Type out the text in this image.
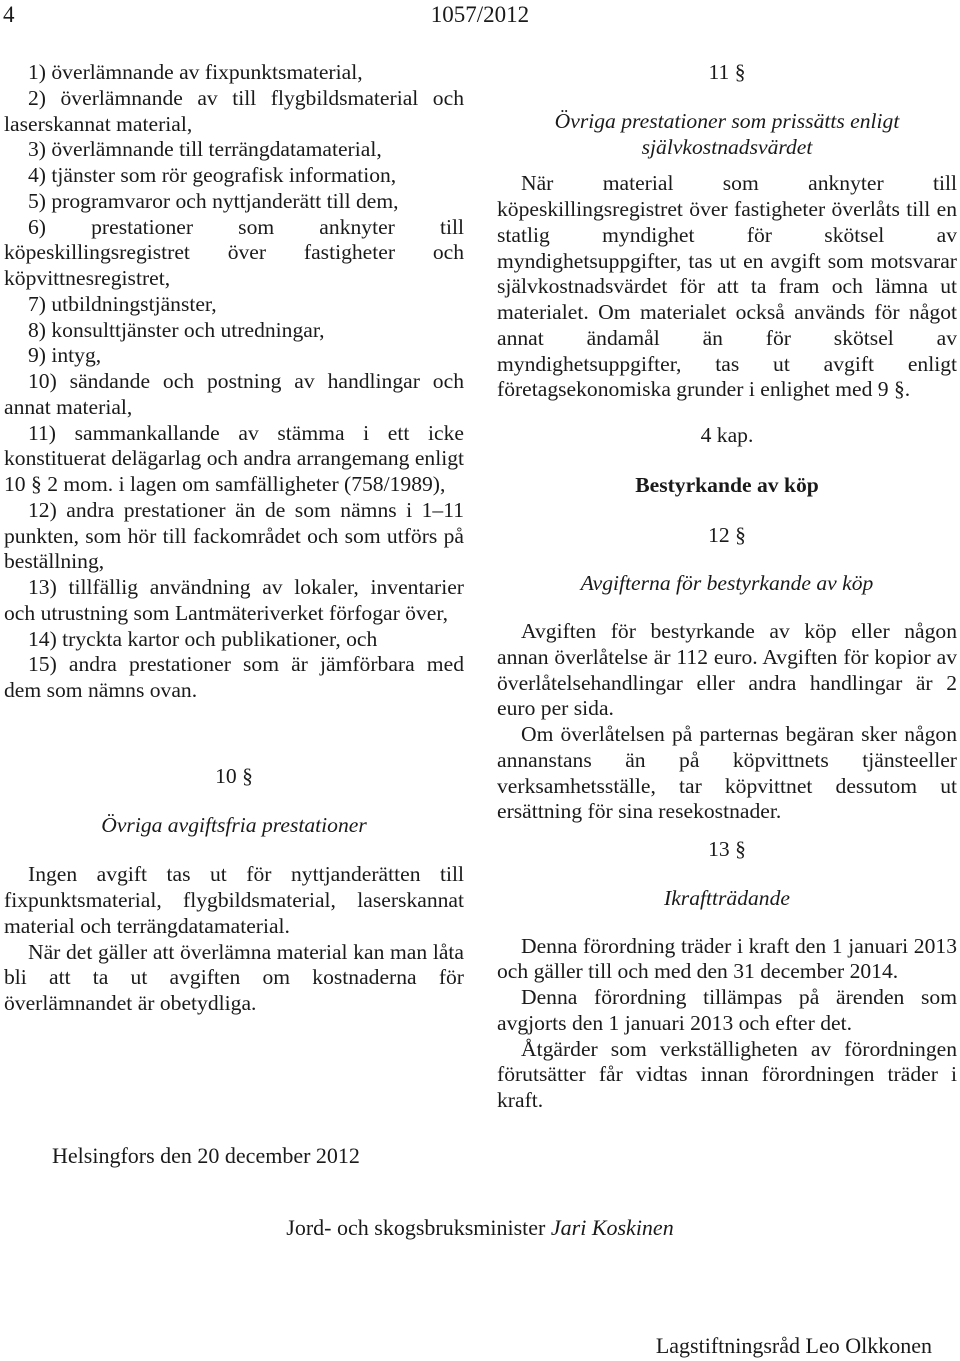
4	1057/2012
1) överlämnande av fixpunktsmaterial,
2) överlämnande av till flygbildsmaterial och laserskannat material,
3) överlämnande till terrängdatamaterial,
4) tjänster som rör geografisk information,
5) programvaror och nyttjanderätt till dem,
6) prestationer som anknyter till köpeskillingsregistret över fastigheter och köpvittnesregistret,
7) utbildningstjänster,
8) konsulttjänster och utredningar,
9) intyg,
10) sändande och postning av handlingar och annat material,
11) sammankallande av stämma i ett icke konstituerat delägarlag och andra arrangemang enligt 10 § 2 mom. i lagen om samfälligheter (758/1989),
12) andra prestationer än de som nämns i 1–11 punkten, som hör till fackområdet och som utförs på beställning,
13) tillfällig användning av lokaler, inventarier och utrustning som Lantmäteriverket förfogar över,
14) tryckta kartor och publikationer, och
15) andra prestationer som är jämförbara med dem som nämns ovan.
10 §
Övriga avgiftsfria prestationer
Ingen avgift tas ut för nyttjanderätten till fixpunktsmaterial, flygbildsmaterial, laserskannat material och terrängdatamaterial.
När det gäller att överlämna material kan man låta bli att ta ut avgiften om kostnaderna för överlämnandet är obetydliga.
11 §
Övriga prestationer som prissätts enligt självkostnadsvärdet
När material som anknyter till köpeskillingsregistret över fastigheter överlåts till en statlig myndighet för skötsel av myndighetsuppgifter, tas ut en avgift som motsvarar självkostnadsvärdet för att ta fram och lämna ut materialet. Om materialet också används för något annat ändamål än för skötsel av myndighetsuppgifter, tas ut avgift enligt företagsekonomiska grunder i enlighet med 9 §.
4 kap.
Bestyrkande av köp
12 §
Avgifterna för bestyrkande av köp
Avgiften för bestyrkande av köp eller någon annan överlåtelse är 112 euro. Avgiften för kopior av överlåtelsehandlingar eller andra handlingar är 2 euro per sida.
Om överlåtelsen på parternas begäran sker någon annanstans än på köpvittnets tjänsteeller verksamhetsställe, tar köpvittnet dessutom ut ersättning för sina resekostnader.
13 §
Ikraftträdande
Denna förordning träder i kraft den 1 januari 2013 och gäller till och med den 31 december 2014.
Denna förordning tillämpas på ärenden som avgjorts den 1 januari 2013 och efter det.
Åtgärder som verkställigheten av förordningen förutsätter får vidtas innan förordningen träder i kraft.
Helsingfors den 20 december 2012
Jord- och skogsbruksminister Jari Koskinen
Lagstiftningsråd Leo Olkkonen
